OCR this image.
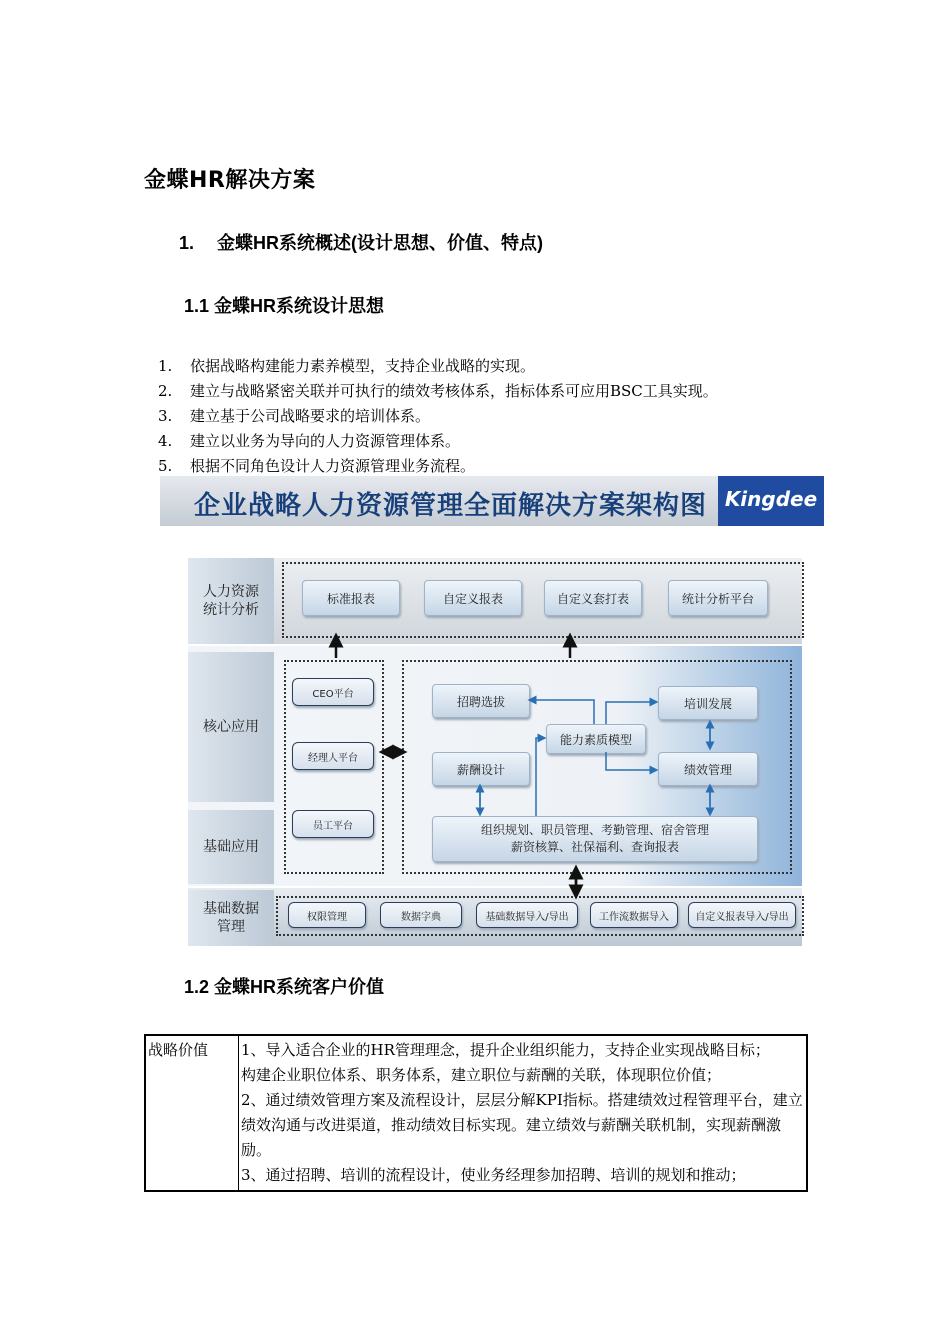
金蝶HR解决方案
1. 金蝶HR系统概述(设计思想、价值、特点)
1.1 金蝶HR系统设计思想
1. 依据战略构建能力素养模型，支持企业战略的实现。
2. 建立与战略紧密关联并可执行的绩效考核体系，指标体系可应用BSC工具实现。
3. 建立基于公司战略要求的培训体系。
4. 建立以业务为导向的人力资源管理体系。
5. 根据不同角色设计人力资源管理业务流程。
企业战略人力资源管理全面解决方案架构图 Kingdee
人力资源
统计分析
核心应用
基础应用
基础数据
管理
标准报表	自定义报表	自定义套打表	统计分析平台
CEO平台
经理人平台
员工平台
招聘选拔	培训发展
能力素质模型
薪酬设计	绩效管理
组织规划、职员管理、考勤管理、宿舍管理
薪资核算、社保福利、查询报表
权限管理	数据字典	基础数据导入/导出	工作流数据导入	自定义报表导入/导出
1.2 金蝶HR系统客户价值
战略价值	1、导入适合企业的HR管理理念，提升企业组织能力，支持企业实现战略目标；
构建企业职位体系、职务体系，建立职位与薪酬的关联，体现职位价值；
2、通过绩效管理方案及流程设计，层层分解KPI指标。搭建绩效过程管理平台，建立绩效沟通与改进渠道，推动绩效目标实现。建立绩效与薪酬关联机制，实现薪酬激励。
3、通过招聘、培训的流程设计，使业务经理参加招聘、培训的规划和推动；
